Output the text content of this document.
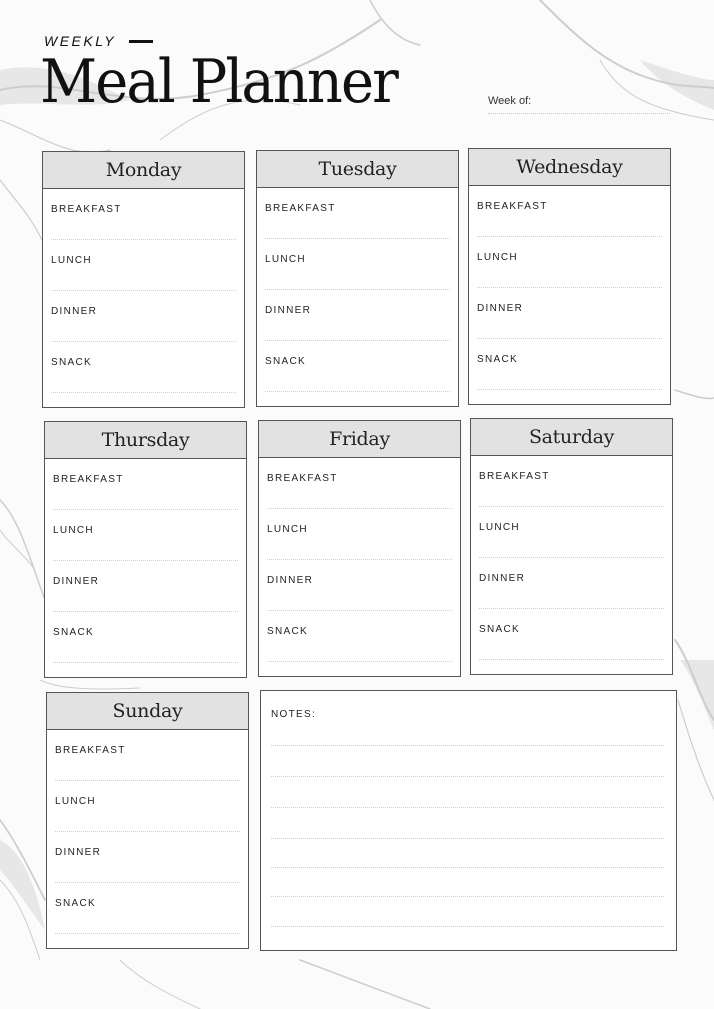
WEEKLY
Meal Planner	Week of:
Monday
BREAKFAST
LUNCH
DINNER
SNACK
Tuesday
BREAKFAST
LUNCH
DINNER
SNACK
Wednesday
BREAKFAST
LUNCH
DINNER
SNACK
Thursday
BREAKFAST
LUNCH
DINNER
SNACK
Friday
BREAKFAST
LUNCH
DINNER
SNACK
Saturday
BREAKFAST
LUNCH
DINNER
SNACK
Sunday
BREAKFAST
LUNCH
DINNER
SNACK
NOTES:
